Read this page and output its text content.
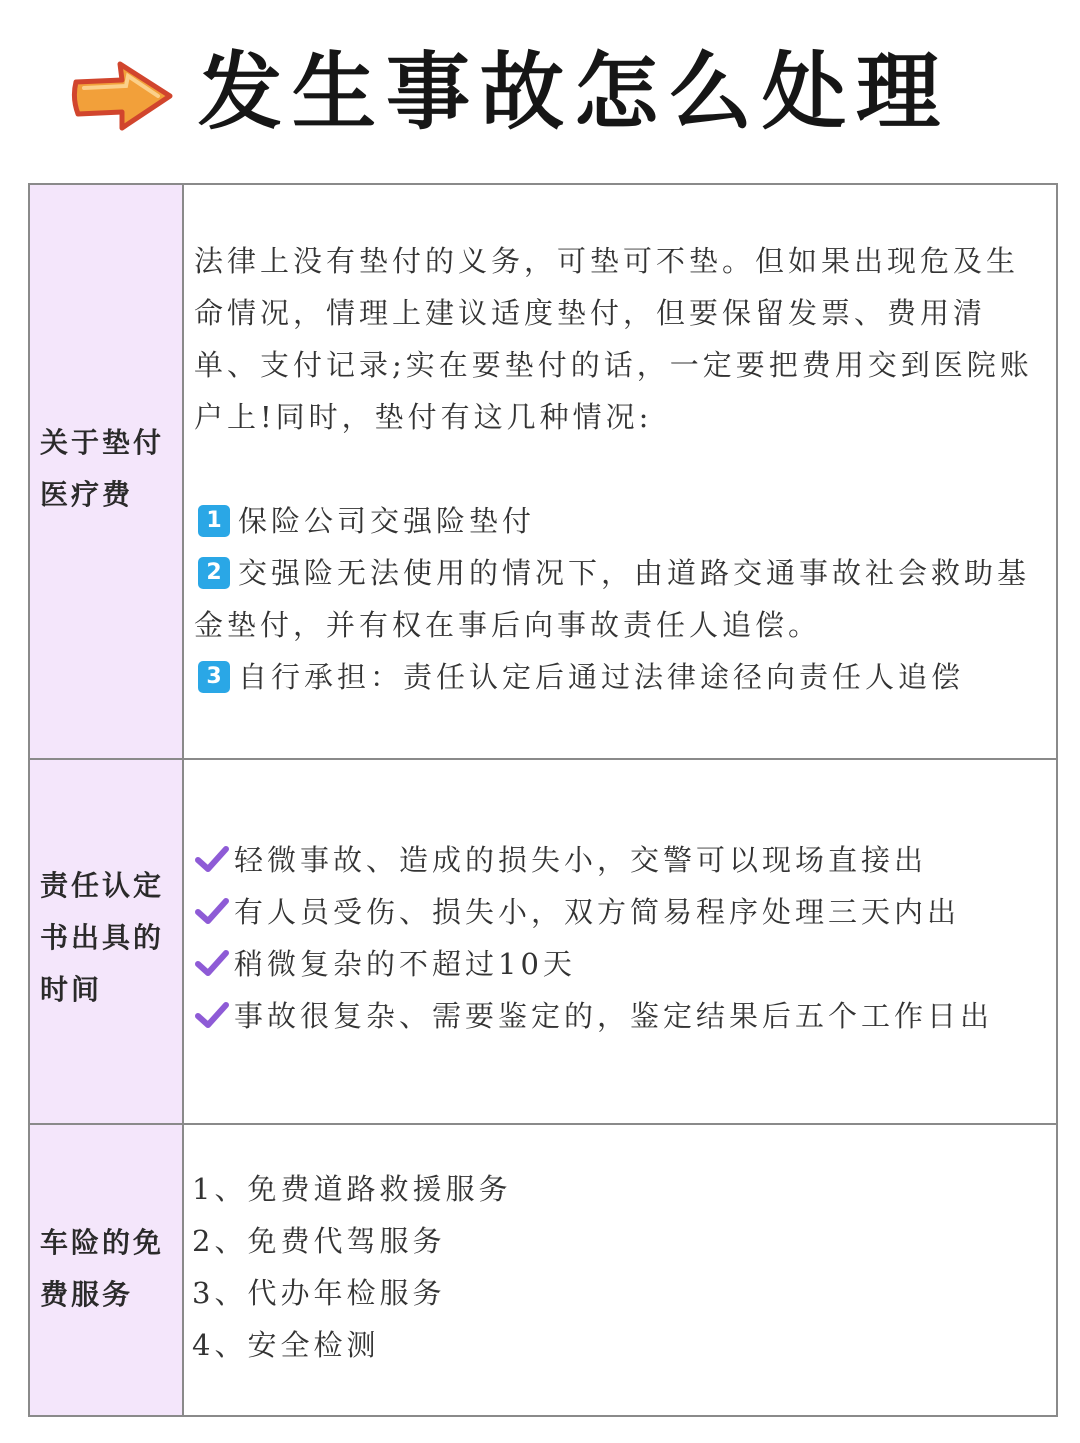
发生事故怎么处理
关于垫付医疗费
法律上没有垫付的义务，可垫可不垫。但如果出现危及生命情况，情理上建议适度垫付，但要保留发票、费用清单、支付记录;实在要垫付的话，一定要把费用交到医院账户上!同时，垫付有这几种情况:
1 保险公司交强险垫付
2 交强险无法使用的情况下，由道路交通事故社会救助基金垫付，并有权在事后向事故责任人追偿。
3 自行承担：责任认定后通过法律途径向责任人追偿
责任认定书出具的时间
轻微事故、造成的损失小，交警可以现场直接出
有人员受伤、损失小，双方简易程序处理三天内出
稍微复杂的不超过10天
事故很复杂、需要鉴定的，鉴定结果后五个工作日出
车险的免费服务
1、免费道路救援服务
2、免费代驾服务
3、代办年检服务
4、安全检测
